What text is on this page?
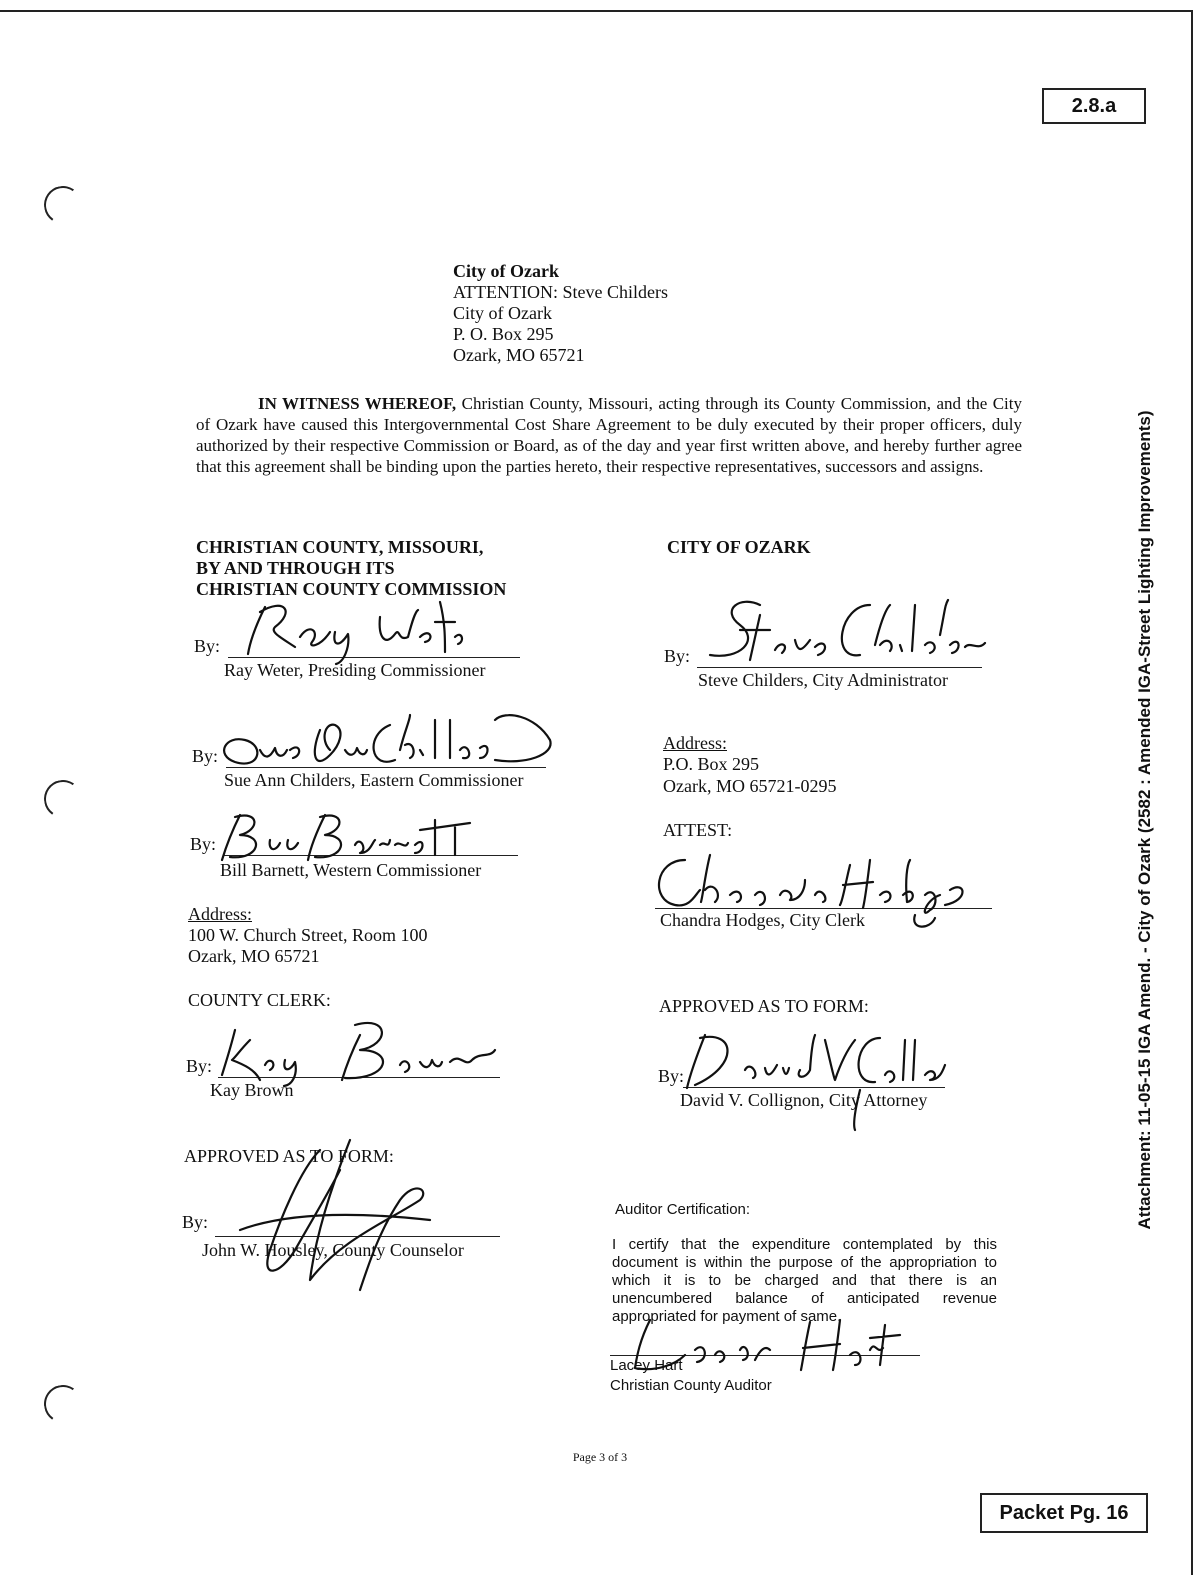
2.8.a
Attachment: 11-05-15 IGA Amend. - City of Ozark (2582 : Amended IGA-Street Lighting Improvements)
City of Ozark
ATTENTION: Steve Childers
City of Ozark
P. O. Box 295
Ozark, MO 65721
IN WITNESS WHEREOF, Christian County, Missouri, acting through its County Commission, and the City of Ozark have caused this Intergovernmental Cost Share Agreement to be duly executed by their proper officers, duly authorized by their respective Commission or Board, as of the day and year first written above, and hereby further agree that this agreement shall be binding upon the parties hereto, their respective representatives, successors and assigns.
CHRISTIAN COUNTY, MISSOURI,
BY AND THROUGH ITS
CHRISTIAN COUNTY COMMISSION
By:
Ray Weter, Presiding Commissioner
By:
Sue Ann Childers, Eastern Commissioner
By:
Bill Barnett, Western Commissioner
Address:
100 W. Church Street, Room 100
Ozark, MO 65721
COUNTY CLERK:
By:
Kay Brown
APPROVED AS TO FORM:
By:
John W. Housley, County Counselor
CITY OF OZARK
By:
Steve Childers, City Administrator
Address:
P.O. Box 295
Ozark, MO 65721-0295
ATTEST:
Chandra Hodges, City Clerk
APPROVED AS TO FORM:
By:
David V. Collignon, City Attorney
Auditor Certification:
I certify that the expenditure contemplated by this document is within the purpose of the appropriation to which it is to be charged and that there is an unencumbered balance of anticipated revenue appropriated for payment of same.
Lacey Hart
Christian County Auditor
Page 3 of 3
Packet Pg. 16
